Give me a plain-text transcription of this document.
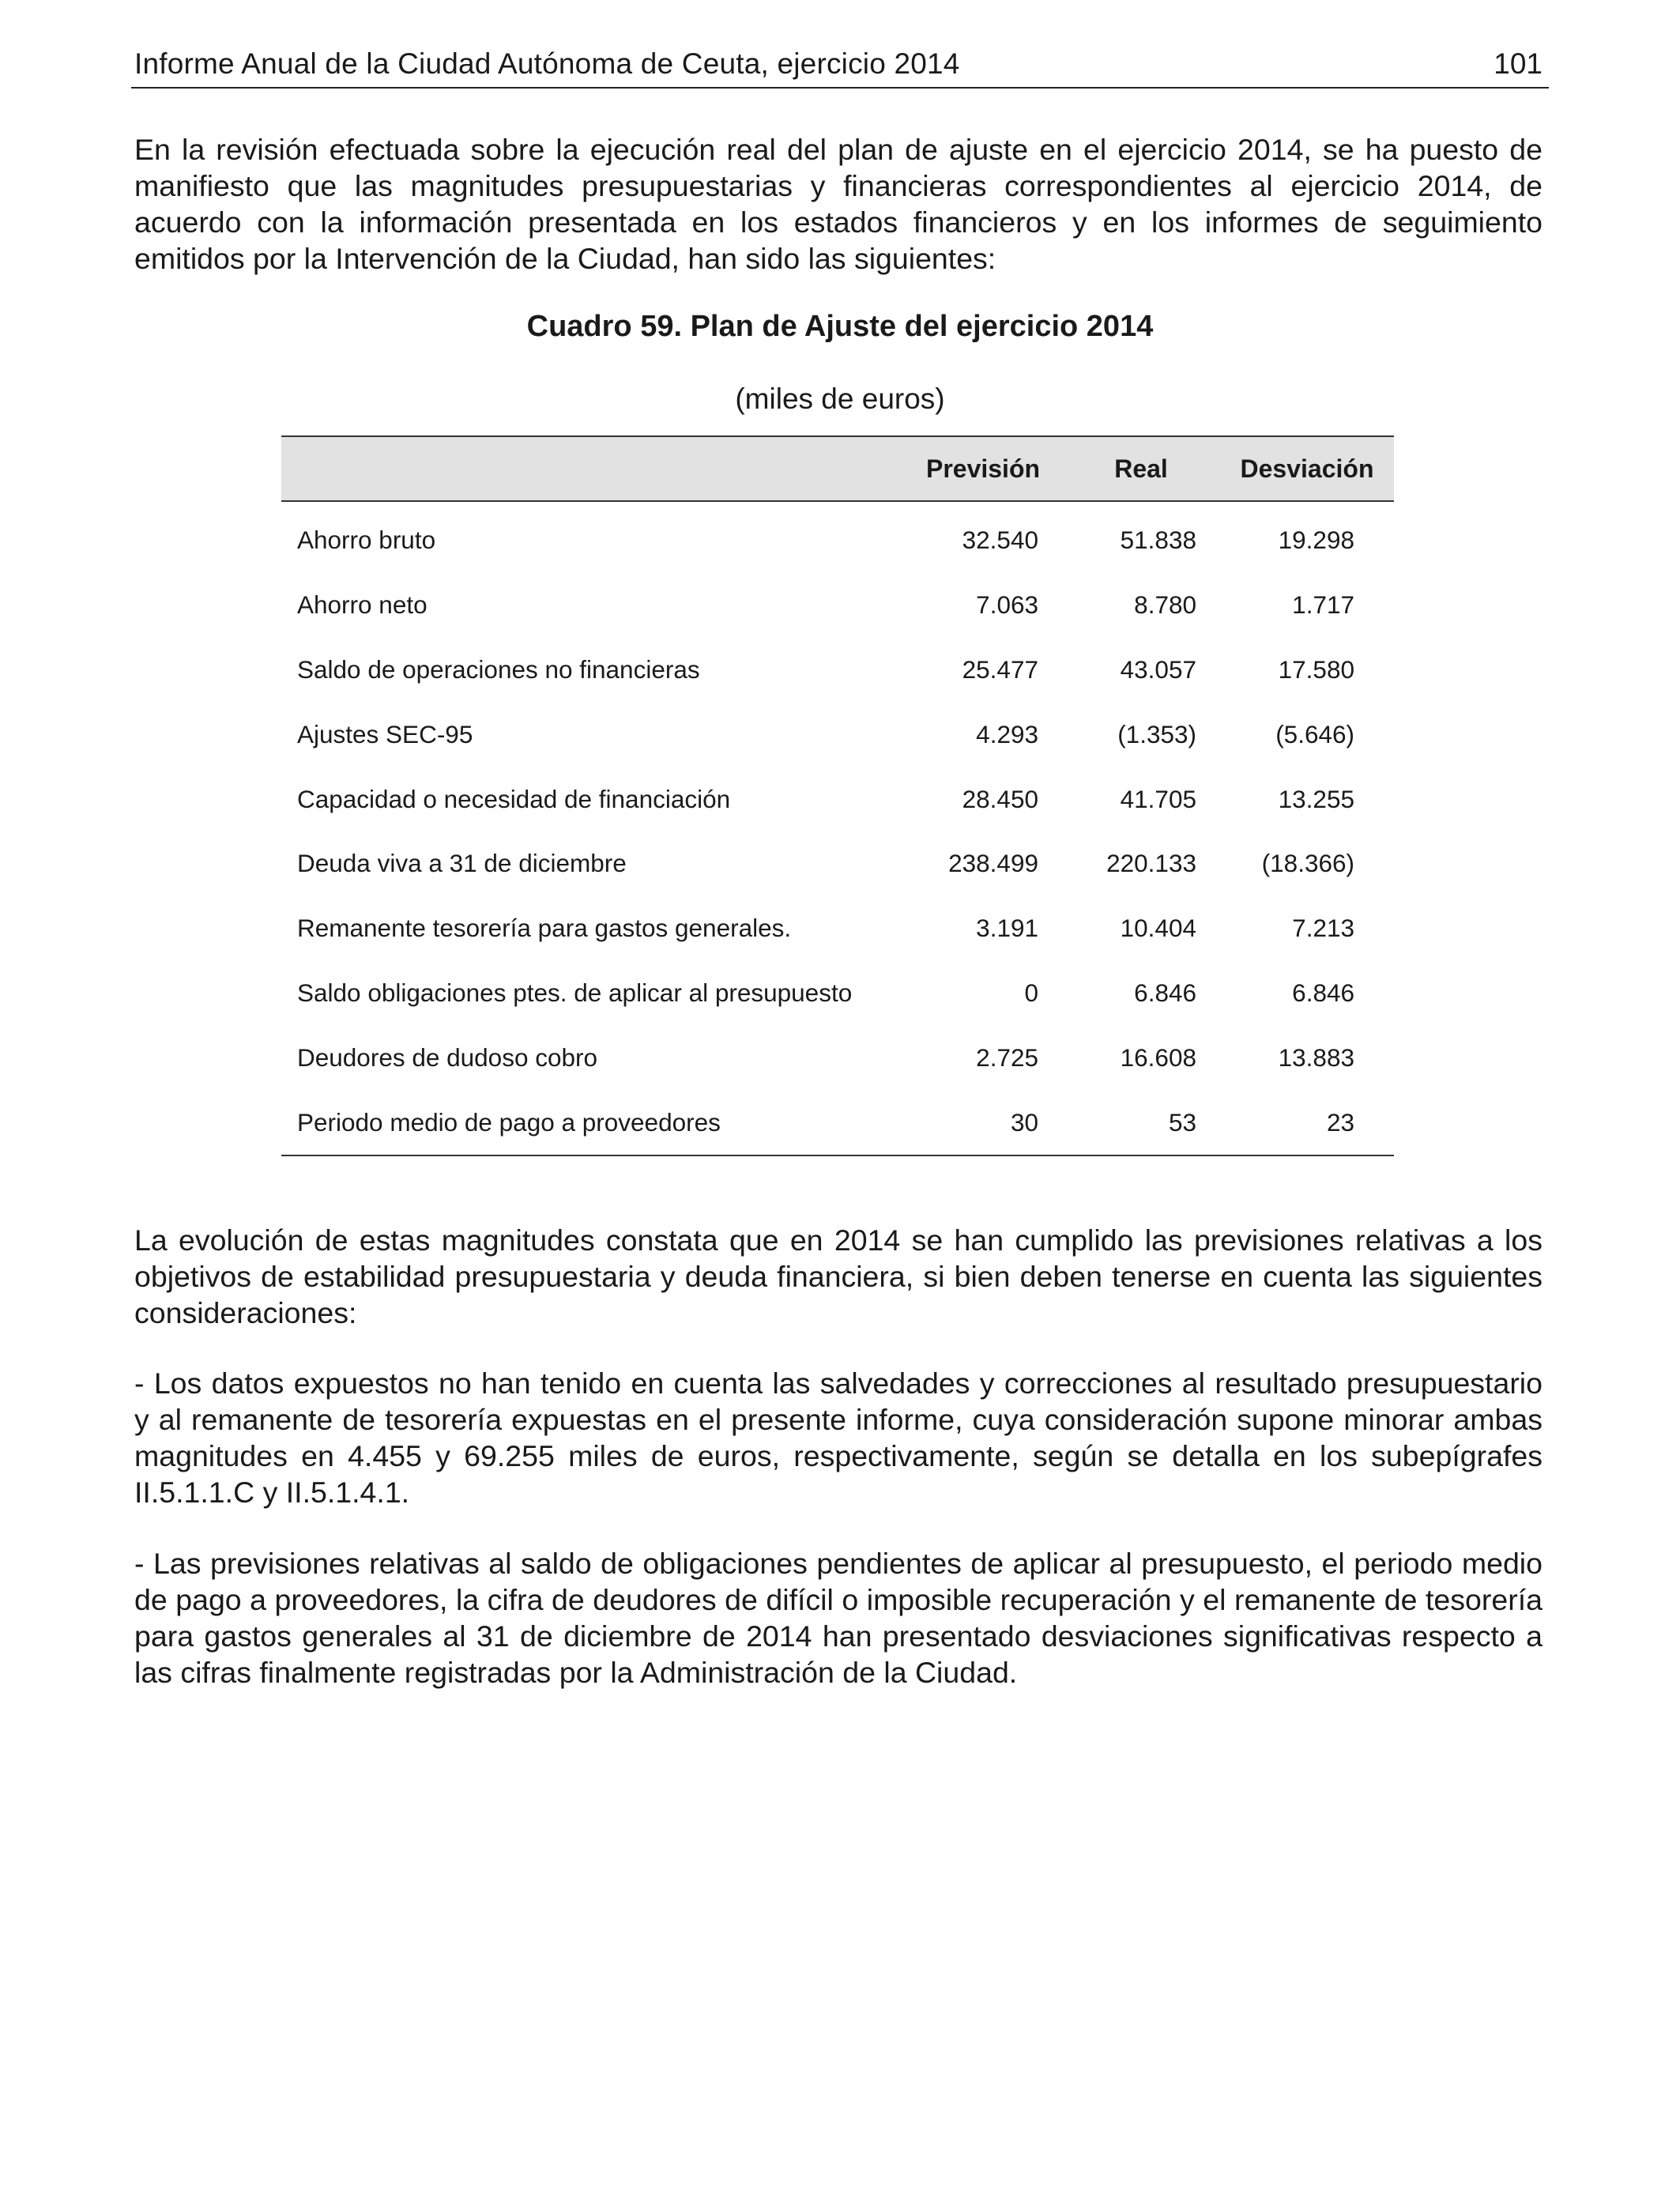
Informe Anual de la Ciudad Autónoma de Ceuta, ejercicio 2014	101

En la revisión efectuada sobre la ejecución real del plan de ajuste en el ejercicio 2014, se ha puesto de manifiesto que las magnitudes presupuestarias y financieras correspondientes al ejercicio 2014, de acuerdo con la información presentada en los estados financieros y en los informes de seguimiento emitidos por la Intervención de la Ciudad, han sido las siguientes:

Cuadro 59. Plan de Ajuste del ejercicio 2014

(miles de euros)

	Previsión	Real	Desviación
Ahorro bruto	32.540	51.838	19.298
Ahorro neto	7.063	8.780	1.717
Saldo de operaciones no financieras	25.477	43.057	17.580
Ajustes SEC-95	4.293	(1.353)	(5.646)
Capacidad o necesidad de financiación	28.450	41.705	13.255
Deuda viva a 31 de diciembre	238.499	220.133	(18.366)
Remanente tesorería para gastos generales.	3.191	10.404	7.213
Saldo obligaciones ptes. de aplicar al presupuesto	0	6.846	6.846
Deudores de dudoso cobro	2.725	16.608	13.883
Periodo medio de pago a proveedores	30	53	23

La evolución de estas magnitudes constata que en 2014 se han cumplido las previsiones relativas a los objetivos de estabilidad presupuestaria y deuda financiera, si bien deben tenerse en cuenta las siguientes consideraciones:

- Los datos expuestos no han tenido en cuenta las salvedades y correcciones al resultado presupuestario y al remanente de tesorería expuestas en el presente informe, cuya consideración supone minorar ambas magnitudes en 4.455 y 69.255 miles de euros, respectivamente, según se detalla en los subepígrafes II.5.1.1.C y II.5.1.4.1.

- Las previsiones relativas al saldo de obligaciones pendientes de aplicar al presupuesto, el periodo medio de pago a proveedores, la cifra de deudores de difícil o imposible recuperación y el remanente de tesorería para gastos generales al 31 de diciembre de 2014 han presentado desviaciones significativas respecto a las cifras finalmente registradas por la Administración de la Ciudad.
